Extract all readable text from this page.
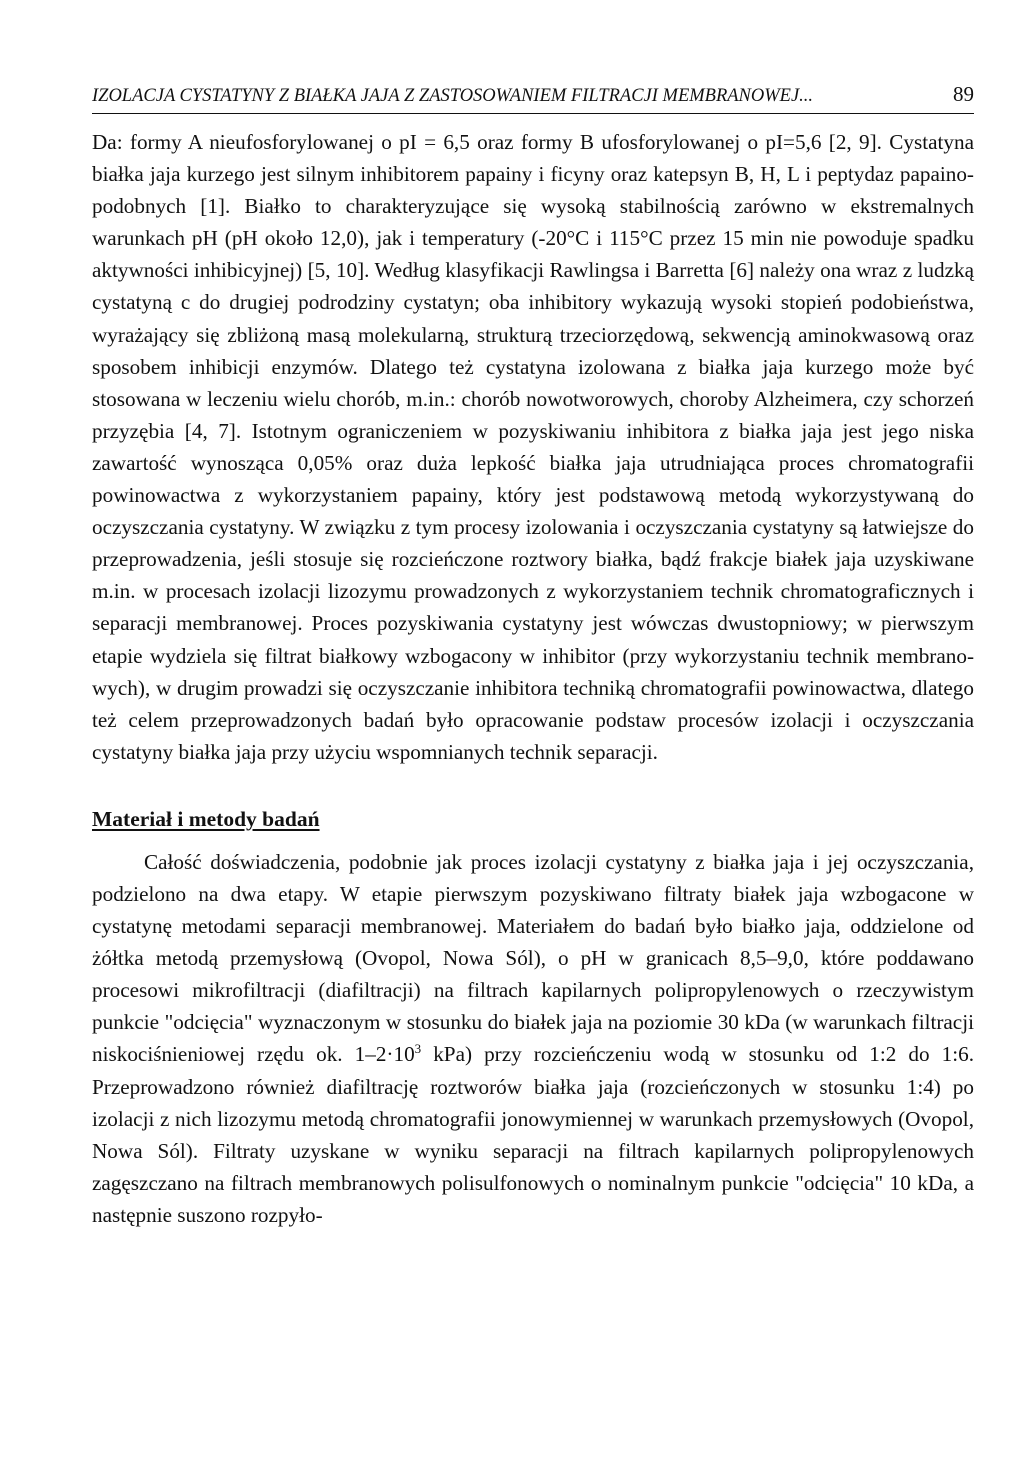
IZOLACJA CYSTATYNY Z BIAŁKA JAJA Z ZASTOSOWANIEM FILTRACJI MEMBRANOWEJ...	89

Da: formy A nieufosforylowanej o pI = 6,5 oraz formy B ufosforylowanej o pI=5,6 [2, 9]. Cystatyna białka jaja kurzego jest silnym inhibitorem papainy i ficyny oraz katepsyn B, H, L i peptydaz papaino-podobnych [1]. Białko to charakteryzujące się wysoką stabilnością zarówno w ekstremalnych warunkach pH (pH około 12,0), jak i temperatury (-20°C i 115°C przez 15 min nie powoduje spadku aktywności inhibicyjnej) [5, 10]. Według klasyfikacji Rawlingsa i Barretta [6] należy ona wraz z ludzką cystatyną c do drugiej podrodziny cystatyn; oba inhibitory wykazują wysoki stopień podobieństwa, wyrażający się zbliżoną masą molekularną, strukturą trzeciorzędową, sekwencją aminokwasową oraz sposobem inhibicji enzymów. Dlatego też cystatyna izolowana z białka jaja kurzego może być stosowana w leczeniu wielu chorób, m.in.: chorób nowotworowych, choroby Alzheimera, czy schorzeń przyzębia [4, 7]. Istotnym ograniczeniem w pozyskiwaniu inhibitora z białka jaja jest jego niska zawartość wynosząca 0,05% oraz duża lepkość białka jaja utrudniająca proces chromatografii powinowactwa z wykorzystaniem papainy, który jest podstawową metodą wykorzystywaną do oczyszczania cystatyny. W związku z tym procesy izolowania i oczyszczania cystatyny są łatwiejsze do przeprowadzenia, jeśli stosuje się rozcieńczone roztwory białka, bądź frakcje białek jaja uzyskiwane m.in. w procesach izolacji lizozymu prowadzonych z wykorzystaniem technik chromatograficznych i separacji membranowej. Proces pozyskiwania cystatyny jest wówczas dwustopniowy; w pierwszym etapie wydziela się filtrat białkowy wzbogacony w inhibitor (przy wykorzystaniu technik membranowych), w drugim prowadzi się oczyszczanie inhibitora techniką chromatografii powinowactwa, dlatego też celem przeprowadzonych badań było opracowanie podstaw procesów izolacji i oczyszczania cystatyny białka jaja przy użyciu wspomnianych technik separacji.

Materiał i metody badań

Całość doświadczenia, podobnie jak proces izolacji cystatyny z białka jaja i jej oczyszczania, podzielono na dwa etapy. W etapie pierwszym pozyskiwano filtraty białek jaja wzbogacone w cystatynę metodami separacji membranowej. Materiałem do badań było białko jaja, oddzielone od żółtka metodą przemysłową (Ovopol, Nowa Sól), o pH w granicach 8,5–9,0, które poddawano procesowi mikrofiltracji (diafiltracji) na filtrach kapilarnych polipropylenowych o rzeczywistym punkcie "odcięcia" wyznaczonym w stosunku do białek jaja na poziomie 30 kDa (w warunkach filtracji niskociśnieniowej rzędu ok. $1-2\cdot 10^3$ kPa) przy rozcieńczeniu wodą w stosunku od 1:2 do 1:6. Przeprowadzono również diafiltrację roztworów białka jaja (rozcieńczonych w stosunku 1:4) po izolacji z nich lizozymu metodą chromatografii jonowymiennej w warunkach przemysłowych (Ovopol, Nowa Sól). Filtraty uzyskane w wyniku separacji na filtrach kapilarnych polipropylenowych zagęszczano na filtrach membranowych polisulfonowych o nominalnym punkcie "odcięcia" 10 kDa, a następnie suszono rozpyło-
